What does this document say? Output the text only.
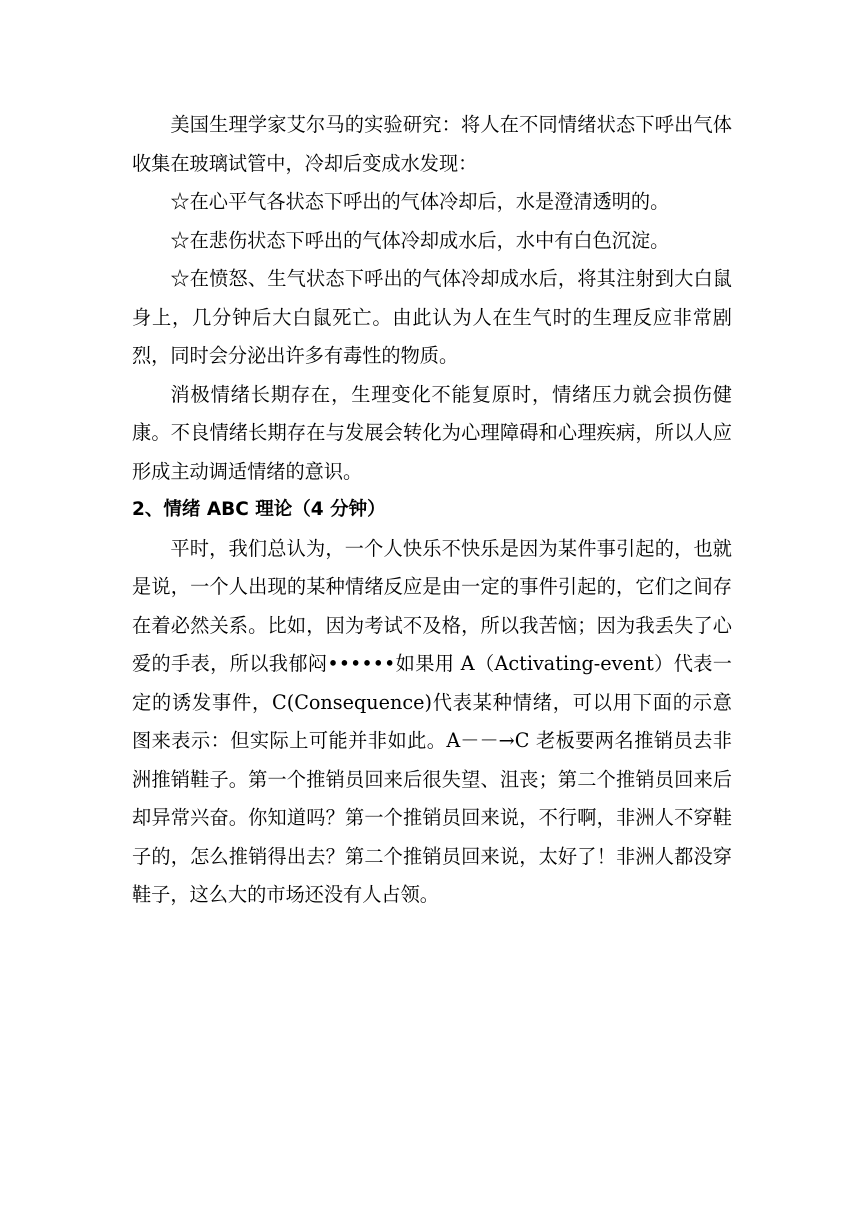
美国生理学家艾尔马的实验研究：将人在不同情绪状态下呼出气体收集在玻璃试管中，冷却后变成水发现：

☆在心平气各状态下呼出的气体冷却后，水是澄清透明的。

☆在悲伤状态下呼出的气体冷却成水后，水中有白色沉淀。

☆在愤怒、生气状态下呼出的气体冷却成水后，将其注射到大白鼠身上，几分钟后大白鼠死亡。由此认为人在生气时的生理反应非常剧烈，同时会分泌出许多有毒性的物质。

消极情绪长期存在，生理变化不能复原时，情绪压力就会损伤健康。不良情绪长期存在与发展会转化为心理障碍和心理疾病，所以人应形成主动调适情绪的意识。

2、情绪 ABC 理论（4 分钟）

平时，我们总认为，一个人快乐不快乐是因为某件事引起的，也就是说，一个人出现的某种情绪反应是由一定的事件引起的，它们之间存在着必然关系。比如，因为考试不及格，所以我苦恼；因为我丢失了心爱的手表，所以我郁闷••••••如果用 A（Activating-event）代表一定的诱发事件，C(Consequence)代表某种情绪，可以用下面的示意图来表示：但实际上可能并非如此。A－－→C 老板要两名推销员去非洲推销鞋子。第一个推销员回来后很失望、沮丧；第二个推销员回来后却异常兴奋。你知道吗？第一个推销员回来说，不行啊，非洲人不穿鞋子的，怎么推销得出去？第二个推销员回来说，太好了！非洲人都没穿鞋子，这么大的市场还没有人占领。
